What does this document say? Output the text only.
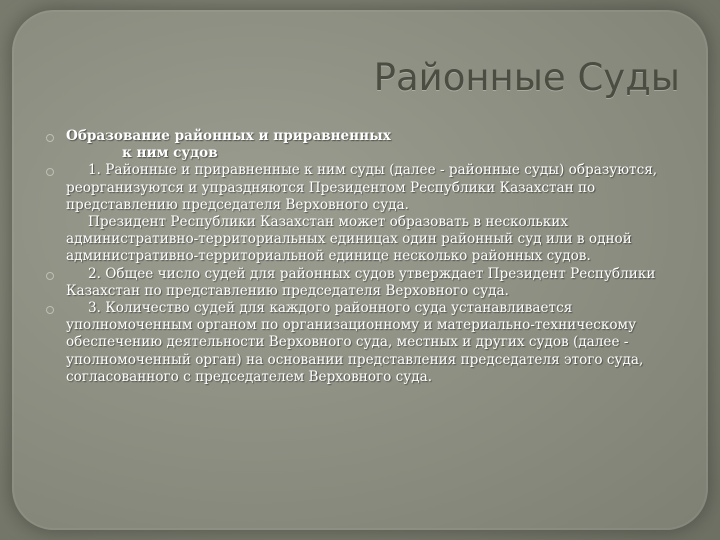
Районные Суды
Образование районных и приравненных
к ним судов
1. Районные и приравненные к ним суды (далее - районные суды) образуются, реорганизуются и упраздняются Президентом Республики Казахстан по представлению председателя Верховного суда.
Президент Республики Казахстан может образовать в нескольких административно-территориальных единицах один районный суд или в одной административно-территориальной единице несколько районных судов.
2. Общее число судей для районных судов утверждает Президент Республики Казахстан по представлению председателя Верховного суда.
3. Количество судей для каждого районного суда устанавливается уполномоченным органом по организационному и материально-техническому обеспечению деятельности Верховного суда, местных и других судов (далее - уполномоченный орган) на основании представления председателя этого суда, согласованного с председателем Верховного суда.
